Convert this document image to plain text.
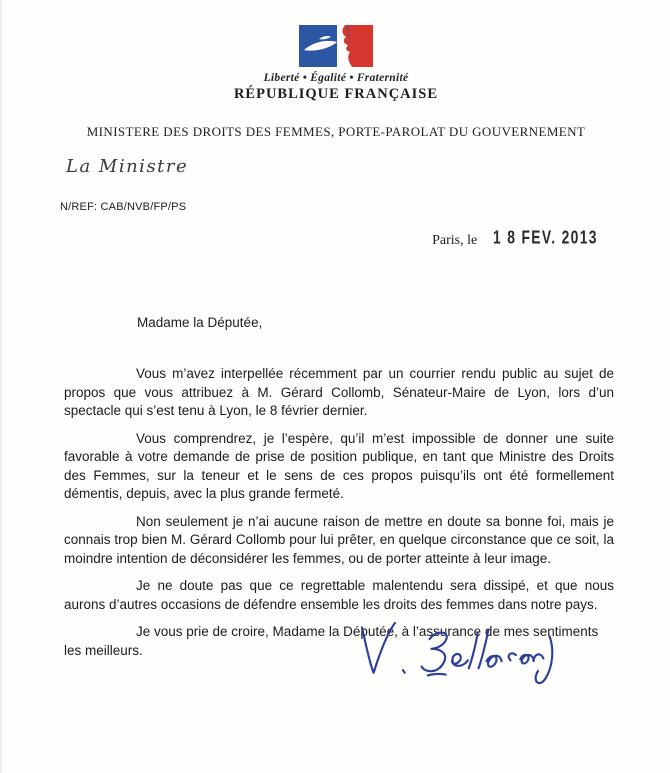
Liberté • Égalité • Fraternité
RÉPUBLIQUE FRANÇAISE
MINISTERE DES DROITS DES FEMMES, PORTE-PAROLAT DU GOUVERNEMENT
La Ministre
N/REF: CAB/NVB/FP/PS
Paris, le 1 8 FEV. 2013
Madame la Députée,

Vous m’avez interpellée récemment par un courrier rendu public au sujet de propos que vous attribuez à M. Gérard Collomb, Sénateur-Maire de Lyon, lors d’un spectacle qui s’est tenu à Lyon, le 8 février dernier.

Vous comprendrez, je l’espère, qu’il m’est impossible de donner une suite favorable à votre demande de prise de position publique, en tant que Ministre des Droits des Femmes, sur la teneur et le sens de ces propos puisqu’ils ont été formellement démentis, depuis, avec la plus grande fermeté.

Non seulement je n’ai aucune raison de mettre en doute sa bonne foi, mais je connais trop bien M. Gérard Collomb pour lui prêter, en quelque circonstance que ce soit, la moindre intention de déconsidérer les femmes, ou de porter atteinte à leur image.

Je ne doute pas que ce regrettable malentendu sera dissipé, et que nous aurons d’autres occasions de défendre ensemble les droits des femmes dans notre pays.

Je vous prie de croire, Madame la Députée, à l’assurance de mes sentiments les meilleurs.
